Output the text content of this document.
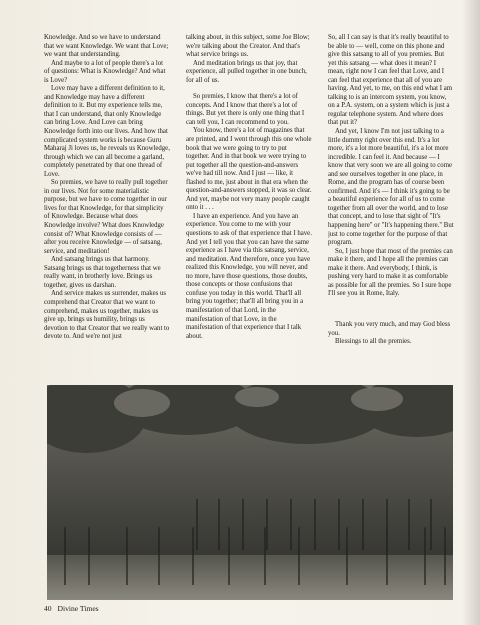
Knowledge. And so we have to understand that we want Knowledge. We want that Love; we want that understanding.

And maybe to a lot of people there's a lot of questions: What is Knowledge? And what is Love?

Love may have a different definition to it, and Knowledge may have a different definition to it. But my experience tells me, that I can understand, that only Knowledge can bring Love. And Love can bring Knowledge forth into our lives. And how that complicated system works is because Guru Maharaj Ji loves us, he reveals us Knowledge, through which we can all become a garland, completely penetrated by that one thread of Love.

So premies, we have to really pull together in our lives. Not for some materialistic purpose, but we have to come together in our lives for that Knowledge, for that simplicity of Knowledge. Because what does Knowledge involve? What does Knowledge consist of? What Knowledge consists of — after you receive Knowledge — of satsang, service, and meditation!

And satsang brings us that harmony. Satsang brings us that togetherness that we really want, in brotherly love. Brings us together, gives us darshan.

And service makes us surrender, makes us comprehend that Creator that we want to comprehend, makes us together, makes us give up, brings us humility, brings us devotion to that Creator that we really want to devote to. And we're not just

talking about, in this subject, some Joe Blow; we're talking about the Creator. And that's what service brings us.

And meditation brings us that joy, that experience, all pulled together in one bunch, for all of us.

So premies, I know that there's a lot of concepts. And I know that there's a lot of things. But yet there is only one thing that I can tell you, I can recommend to you.

You know, there's a lot of magazines that are printed, and I went through this one whole book that we were going to try to put together. And in that book we were trying to put together all the question-and-answers we've had till now. And I just — like, it flashed to me, just about in that era when the question-and-answers stopped, it was so clear. And yet, maybe not very many people caught onto it . . .

I have an experience. And you have an experience. You come to me with your questions to ask of that experience that I have. And yet I tell you that you can have the same experience as I have via this satsang, service, and meditation. And therefore, once you have realized this Knowledge, you will never, and no more, have those questions, those doubts, those concepts or those confusions that confuse you today in this world. That'll all bring you together; that'll all bring you in a manifestation of that Lord, in the manifestation of that Love, in the manifestation of that experience that I talk about.

So, all I can say is that it's really beautiful to be able to — well, come on this phone and give this satsang to all of you premies. But yet this satsang — what does it mean? I mean, right now I can feel that Love, and I can feel that experience that all of you are having. And yet, to me, on this end what I am talking to is an intercom system, you know, on a P.A. system, on a system which is just a regular telephone system. And where does that put it?

And yet, I know I'm not just talking to a little dummy right over this end. It's a lot more, it's a lot more beautiful, it's a lot more incredible. I can feel it. And because — I know that very soon we are all going to come and see ourselves together in one place, in Rome, and the program has of course been confirmed. And it's — I think it's going to be a beautiful experience for all of us to come together from all over the world, and to lose that concept, and to lose that sight of "It's happening here" or "It's happening there." But just to come together for the purpose of that program.

So, I just hope that most of the premies can make it there, and I hope all the premies can make it there. And everybody, I think, is pushing very hard to make it as comfortable as possible for all the premies. So I sure hope I'll see you in Rome, Italy.

Thank you very much, and may God bless you.

Blessings to all the premies.

40 Divine Times
